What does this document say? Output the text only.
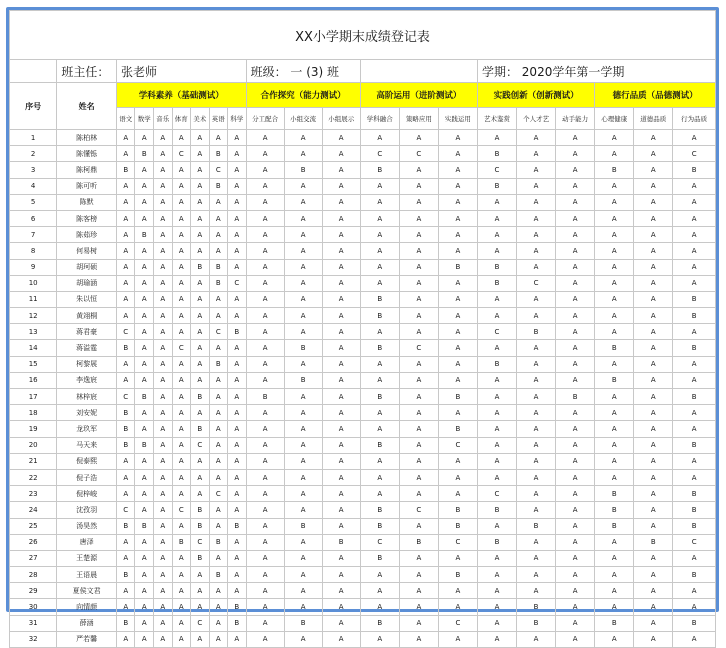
XX小学期末成绩登记表																				
	班主任：	张老师							班级： 一 (3) 班						学期： 2020学年第一学期					
序号	姓名	学科素养（基础测试）							合作探究（能力测试）			高阶运用（进阶测试）			实践创新（创新测试）			德行品质（品德测试）		
		语文	数学	音乐	体育	美术	英语	科学	分工配合	小组交流	小组展示	学科融合	策略应用	实践运用	艺术鉴赏	个人才艺	动手能力	心理健康	道德品质	行为品质
1	陈柏林	A	A	A	A	A	A	A	A	A	A	A	A	A	A	A	A	A	A	A
2	陈懂铄	A	B	A	C	A	B	A	A	A	A	C	C	A	B	A	A	A	A	C
3	陈柯鼎	B	A	A	A	A	C	A	A	B	A	B	A	A	C	A	A	B	A	B
4	陈可听	A	A	A	A	A	B	A	A	A	A	A	A	A	B	A	A	A	A	A
5	陈默	A	A	A	A	A	A	A	A	A	A	A	A	A	A	A	A	A	A	A
6	陈客榜	A	A	A	A	A	A	A	A	A	A	A	A	A	A	A	A	A	A	A
7	陈茹珍	A	B	A	A	A	A	A	A	A	A	A	A	A	A	A	A	A	A	A
8	何易树	A	A	A	A	A	A	A	A	A	A	A	A	A	A	A	A	A	A	A
9	胡珂硕	A	A	A	A	B	B	A	A	A	A	A	A	B	B	A	A	A	A	A
10	胡瑜涵	A	A	A	A	A	B	C	A	A	A	A	A	A	B	C	A	A	A	A
11	朱以恒	A	A	A	A	A	A	A	A	A	A	B	A	A	A	A	A	A	A	B
12	黄翊桐	A	A	A	A	A	A	A	A	A	A	B	A	A	A	A	A	A	A	B
13	蒋君豪	C	A	A	A	A	C	B	A	A	A	A	A	A	C	B	A	A	A	A
14	蒋溢霆	B	A	A	C	A	A	A	A	B	A	B	C	A	A	A	A	B	A	B
15	柯黎展	A	A	A	A	A	B	A	A	A	A	A	A	A	B	A	A	A	A	A
16	李逸宸	A	A	A	A	A	A	A	A	B	A	A	A	A	A	A	A	B	A	A
17	林梓宸	C	B	A	A	B	A	A	B	A	A	B	A	B	A	A	B	A	A	B
18	刘安妮	B	A	A	A	A	A	A	A	A	A	A	A	A	A	A	A	A	A	A
19	龙玖军	B	A	A	A	B	A	A	A	A	A	A	A	B	A	A	A	A	A	A
20	马天来	B	B	A	A	C	A	A	A	A	A	B	A	C	A	A	A	A	A	B
21	倪泰熙	A	A	A	A	A	A	A	A	A	A	A	A	A	A	A	A	A	A	A
22	倪子浩	A	A	A	A	A	A	A	A	A	A	A	A	A	A	A	A	A	A	A
23	倪梓峻	A	A	A	A	A	C	A	A	A	A	A	A	A	C	A	A	B	A	B
24	沈孜羽	C	A	A	C	B	A	A	A	A	A	B	C	B	B	A	A	B	A	B
25	汤昊然	B	B	A	A	B	A	B	A	B	A	B	A	B	A	B	A	B	A	B
26	唐泽	A	A	A	B	C	B	A	A	A	B	C	B	C	B	A	A	A	B	C
27	王楚源	A	A	A	A	B	A	A	A	A	A	B	A	A	A	A	A	A	A	A
28	王语晨	B	A	A	A	A	B	A	A	A	A	A	A	B	A	A	A	A	A	B
29	夏侯文君	A	A	A	A	A	A	A	A	A	A	A	A	A	A	A	A	A	A	A
30	向情颜	A	A	A	A	A	A	B	A	A	A	A	A	A	A	B	A	A	A	A
31	薛涵	B	A	A	A	C	A	B	A	B	A	B	A	C	A	B	A	B	A	B
32	严若馨	A	A	A	A	A	A	A	A	A	A	A	A	A	A	A	A	A	A	A
